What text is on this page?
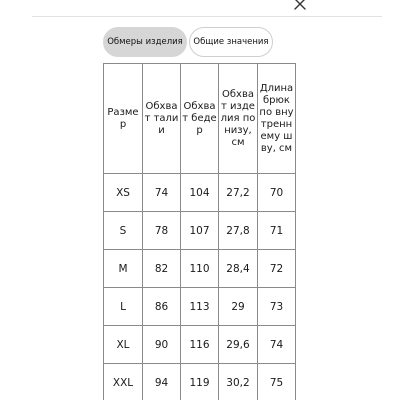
Обмеры изделия Общие значения
Размер	Обхват талии	Обхват бедер	Обхват изделия по низу, см	Длина брюк по внутреннему шву, см
XS	74	104	27,2	70
S	78	107	27,8	71
M	82	110	28,4	72
L	86	113	29	73
XL	90	116	29,6	74
XXL	94	119	30,2	75
